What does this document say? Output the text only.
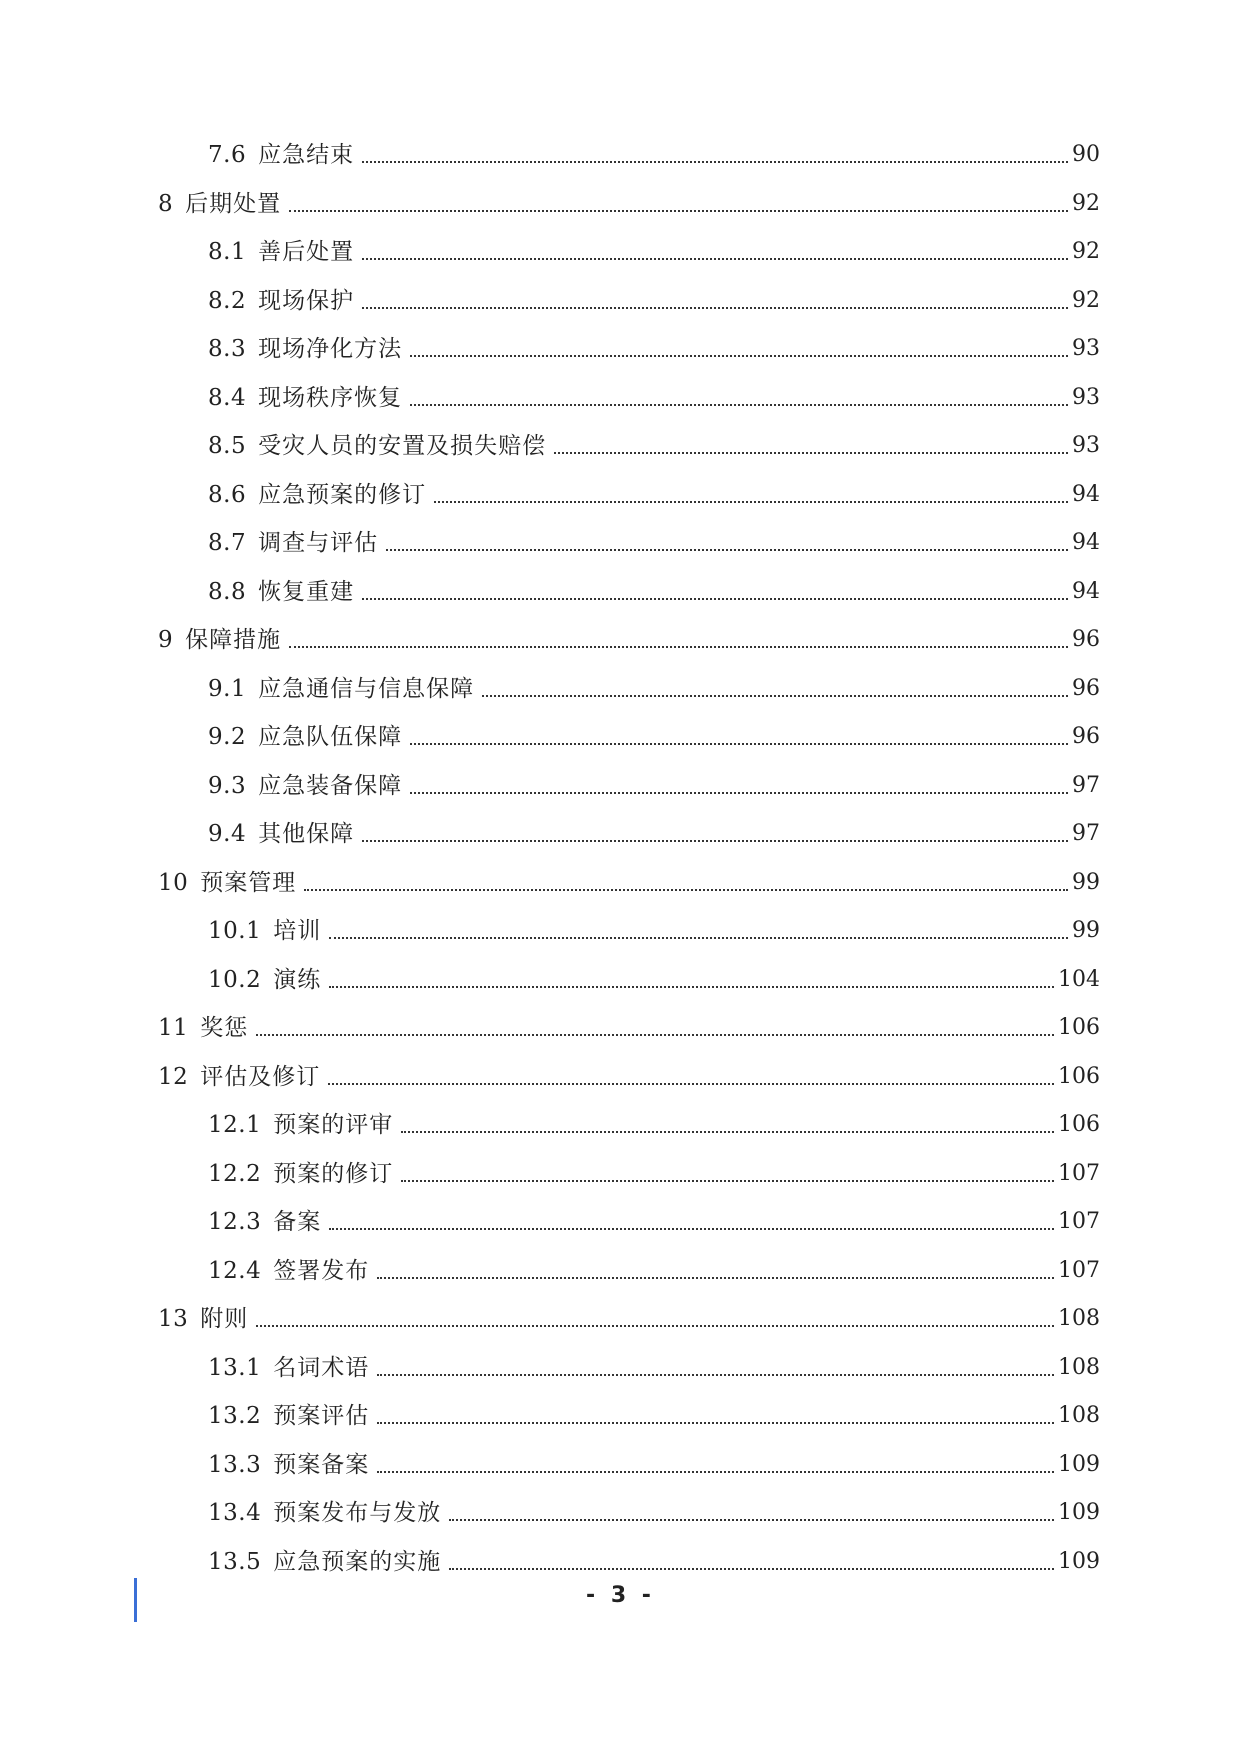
7.6 应急结束	90
8 后期处置	92
8.1 善后处置	92
8.2 现场保护	92
8.3 现场净化方法	93
8.4 现场秩序恢复	93
8.5 受灾人员的安置及损失赔偿	93
8.6 应急预案的修订	94
8.7 调查与评估	94
8.8 恢复重建	94
9 保障措施	96
9.1 应急通信与信息保障	96
9.2 应急队伍保障	96
9.3 应急装备保障	97
9.4 其他保障	97
10 预案管理	99
10.1 培训	99
10.2 演练	104
11 奖惩	106
12 评估及修订	106
12.1 预案的评审	106
12.2 预案的修订	107
12.3 备案	107
12.4 签署发布	107
13 附则	108
13.1 名词术语	108
13.2 预案评估	108
13.3 预案备案	109
13.4 预案发布与发放	109
13.5 应急预案的实施	109
- 3 -
